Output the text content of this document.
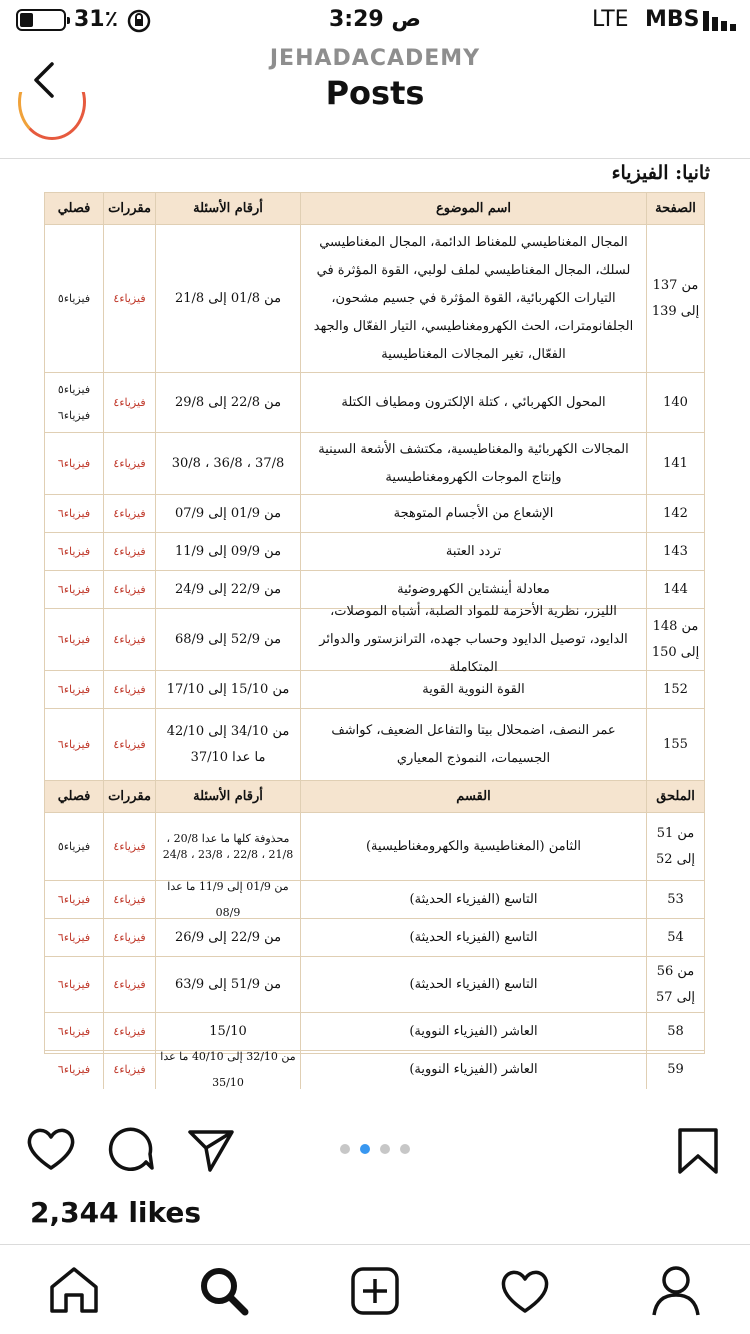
31٪	3:29 ص	LTE MBS
JEHADACADEMY
Posts
ثانيا: الفيزياء
الصفحة
اسم الموضوع
أرقام الأسئلة
مقررات
فصلي
من 137 إلى 139
المجال المغناطيسي للمغناط الدائمة، المجال المغناطيسي لسلك، المجال المغناطيسي لملف لولبي، القوة المؤثرة في التيارات الكهربائية، القوة المؤثرة في جسيم مشحون، الجلفانومترات، الحث الكهرومغناطيسي، التيار الفعّال والجهد الفعّال، تغير المجالات المغناطيسية
من 01/8 إلى 21/8
فيزياء٤
فيزياء٥
140
المحول الكهربائي ، كتلة الإلكترون ومطياف الكتلة
من 22/8 إلى 29/8
فيزياء٤
فيزياء٥ فيزياء٦
141
المجالات الكهربائية والمغناطيسية، مكتشف الأشعة السينية وإنتاج الموجات الكهرومغناطيسية
30/8 ، 36/8 ، 37/8
فيزياء٤
فيزياء٦
142
الإشعاع من الأجسام المتوهجة
من 01/9 إلى 07/9
فيزياء٤
فيزياء٦
143
تردد العتبة
من 09/9 إلى 11/9
فيزياء٤
فيزياء٦
144
معادلة أينشتاين الكهروضوئية
من 22/9 إلى 24/9
فيزياء٤
فيزياء٦
من 148 إلى 150
الليزر، نظرية الأحزمة للمواد الصلبة، أشباه الموصلات، الدايود، توصيل الدايود وحساب جهده، الترانزستور والدوائر المتكاملة
من 52/9 إلى 68/9
فيزياء٤
فيزياء٦
152
القوة النووية القوية
من 15/10 إلى 17/10
فيزياء٤
فيزياء٦
155
عمر النصف، اضمحلال بيتا والتفاعل الضعيف، كواشف الجسيمات، النموذج المعياري
من 34/10 إلى 42/10 ما عدا 37/10
فيزياء٤
فيزياء٦
الملحق
القسم
أرقام الأسئلة
مقررات
فصلي
من 51 إلى 52
الثامن (المغناطيسية والكهرومغناطيسية)
محذوفة كلها ما عدا 20/8 ، 21/8 ، 22/8 ، 23/8 ، 24/8
فيزياء٤
فيزياء٥
53
التاسع (الفيزياء الحديثة)
من 01/9 إلى 11/9 ما عدا 08/9
فيزياء٤
فيزياء٦
54
التاسع (الفيزياء الحديثة)
من 22/9 إلى 26/9
فيزياء٤
فيزياء٦
من 56 إلى 57
التاسع (الفيزياء الحديثة)
من 51/9 إلى 63/9
فيزياء٤
فيزياء٦
58
العاشر (الفيزياء النووية)
15/10
فيزياء٤
فيزياء٦
59
العاشر (الفيزياء النووية)
من 32/10 إلى 40/10 ما عدا 35/10
فيزياء٤
فيزياء٦
2,344 likes
